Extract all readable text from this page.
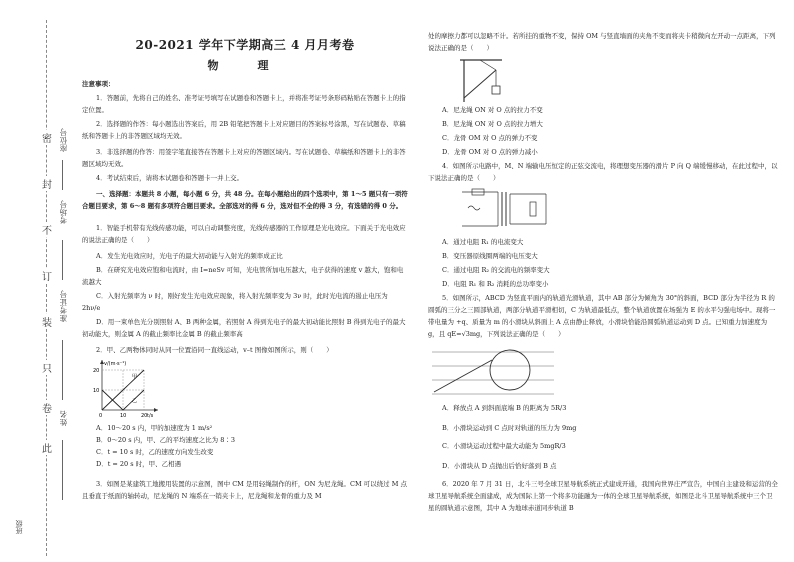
密
封
不
订
装
只
卷
此
座位号
考场号
准考证号
姓名
班级
20-2021 学年下学期高三 4 月月考卷
物　理

注意事项：

1．答题前，先将自己的姓名、准考证号填写在试题卷和答题卡上，并将准考证号条形码粘贴在答题卡上的指定位置。

2．选择题的作答：每小题选出答案后，用 2B 铅笔把答题卡上对应题目的答案标号涂黑，写在试题卷、草稿纸和答题卡上的非答题区域均无效。

3．非选择题的作答：用签字笔直接答在答题卡上对应的答题区域内。写在试题卷、草稿纸和答题卡上的非答题区域均无效。

4．考试结束后，请将本试题卷和答题卡一并上交。

一、选择题：本题共 8 小题，每小题 6 分，共 48 分。在每小题给出的四个选项中，第 1～5 题只有一项符合题目要求，第 6～8 题有多项符合题目要求。全部选对的得 6 分，选对但不全的得 3 分，有选错的得 0 分。

1．智能手机带有光线传感功能，可以自动调整亮度，光线传感器的工作原理是光电效应。下面关于光电效应的说法正确的是（　　）

A．发生光电效应时，光电子的最大初动能与入射光的频率成正比

B．在研究光电效应饱和电流时，由 I=neSv 可知，光电管所加电压越大，电子获得的速度 v 越大，饱和电流越大

C．入射光频率为 ν 时，刚好发生光电效应现象，将入射光频率变为 3ν 时，此时光电流的遏止电压为 2hν/e

D．用一束单色光分别照射 A、B 两种金属，若照射 A 得到光电子的最大初动能比照射 B 得到光电子的最大初动能大，则金属 A 的截止频率比金属 B 的截止频率高

2．甲、乙两物体同时从同一位置沿同一直线运动，v–t 图像如图所示，则（　　）

v/(m·s⁻¹)
t/s
20
10
0	10	20
甲
乙

A．10～20 s 内，甲的加速度为 1 m/s²

B．0～20 s 内，甲、乙的平均速度之比为 8∶3

C．t = 10 s 时，乙的速度方向发生改变

D．t = 20 s 时，甲、乙相遇

3．如图是某建筑工地搬用装置的示意图，图中 CM 是用轻绳制作的杆，ON 为尼龙绳。CM 可以绕过 M 点且垂直于纸面的轴转动，尼龙绳的 N 端系在一销夹卡上，尼龙绳和龙骨的重力及 M

处的摩擦力都可以忽略不计。若所挂的重物不变，保持 OM 与竖直墙面的夹角不变而将夹卡稍微向左开动一点距离，下列说法正确的是（　　）

A．尼龙绳 ON 对 O 点的拉力不变

B．尼龙绳 ON 对 O 点的拉力增大

C．龙骨 OM 对 O 点的弹力不变

D．龙骨 OM 对 O 点的弹力减小

4．如图所示电路中，M、N 端输电压恒定的正弦交流电，将理想变压器的滑片 P 向 Q 端缓慢移动，在此过程中，以下说法正确的是（　　）

A．通过电阻 R₁ 的电流变大

B．变压器原线圈两端的电压变大

C．通过电阻 R₂ 的交流电的频率变大

D．电阻 R₁ 和 R₂ 消耗的总功率变小

5．如图所示，ABCD 为竖直平面内的轨道光滑轨道，其中 AB 部分为倾角为 30°的斜面，BCD 部分为半径为 R 的圆弧的三分之三圆部轨道，两部分轨道平滑相切，C 为轨道最低点，整个轨道放置在场强为 E 的水平匀强电场中。现将一带电量为 +q、质量为 m 的小滑块从斜面上 A 点由静止释放，小滑块恰能沿圆弧轨道运动到 D 点。已知重力加速度为 g，且 qE=√3mg，下列说法正确的是（　　）

A．释放点 A 到斜面底端 B 的距离为 5R/3

B．小滑块运动到 C 点时对轨道的压力为 9mg

C．小滑块运动过程中最大动能为 5mgR/3

D．小滑块从 D 点抛出后恰好落到 B 点

6．2020 年 7 月 31 日，北斗三号全球卫星导航系统正式建成开通，我国向世界庄严宣告，中国自主建设和运营的全球卫星导航系统全面建成，成为国际上第一个将多功能融为一体的全球卫星导航系统，如图是北斗卫星导航系统中三个卫星的圆轨道示意图，其中 A 为地球赤道同步轨道 B
